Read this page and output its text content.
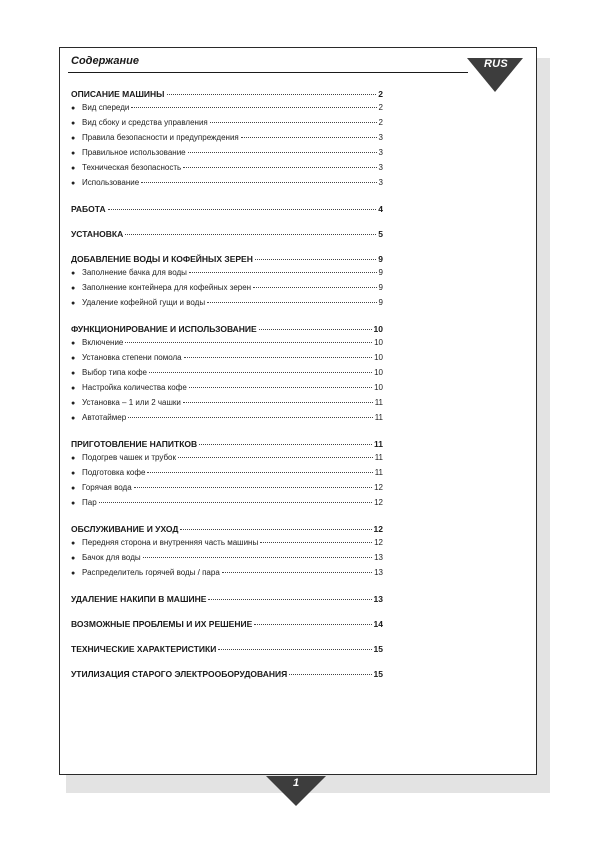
Содержание	RUS
ОПИСАНИЕ МАШИНЫ	2
● Вид спереди	2
● Вид сбоку и средства управления	2
● Правила безопасности и предупреждения	3
● Правильное использование	3
● Техническая безопасность	3
● Использование	3
РАБОТА	4
УСТАНОВКА	5
ДОБАВЛЕНИЕ ВОДЫ И КОФЕЙНЫХ ЗЕРЕН	9
● Заполнение бачка для воды	9
● Заполнение контейнера для кофейных зерен	9
● Удаление кофейной гущи и воды	9
ФУНКЦИОНИРОВАНИЕ И ИСПОЛЬЗОВАНИЕ	10
● Включение	10
● Установка степени помола	10
● Выбор типа кофе	10
● Настройка количества кофе	10
● Установка – 1 или 2 чашки	11
● Автотаймер	11
ПРИГОТОВЛЕНИЕ НАПИТКОВ	11
● Подогрев чашек и трубок	11
● Подготовка кофе	11
● Горячая вода	12
● Пар	12
ОБСЛУЖИВАНИЕ И УХОД	12
● Передняя сторона и внутренняя часть машины	12
● Бачок для воды	13
● Распределитель горячей воды / пара	13
УДАЛЕНИЕ НАКИПИ В МАШИНЕ	13
ВОЗМОЖНЫЕ ПРОБЛЕМЫ И ИХ РЕШЕНИЕ	14
ТЕХНИЧЕСКИЕ ХАРАКТЕРИСТИКИ	15
УТИЛИЗАЦИЯ СТАРОГО ЭЛЕКТРООБОРУДОВАНИЯ	15
1
